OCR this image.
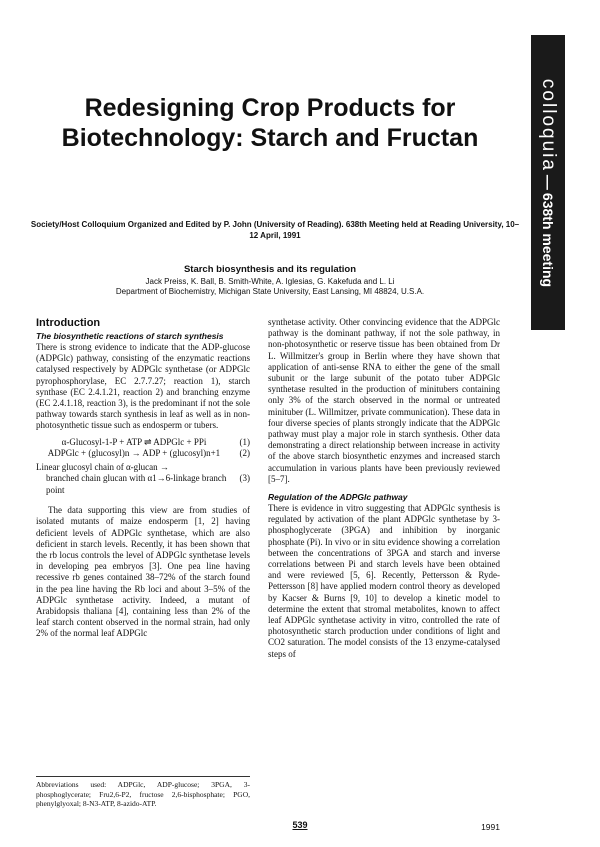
colloquia—638th meeting
Redesigning Crop Products for Biotechnology: Starch and Fructan

Society/Host Colloquium Organized and Edited by P. John (University of Reading). 638th Meeting held at Reading University, 10–12 April, 1991

Starch biosynthesis and its regulation

Jack Preiss, K. Ball, B. Smith-White, A. Iglesias, G. Kakefuda and L. Li

Department of Biochemistry, Michigan State University, East Lansing, MI 48824, U.S.A.

Introduction
The biosynthetic reactions of starch synthesis

There is strong evidence to indicate that the ADP-glucose (ADPGlc) pathway, consisting of the enzymatic reactions catalysed respectively by ADPGlc synthetase (or ADPGlc pyrophosphorylase, EC 2.7.7.27; reaction 1), starch synthase (EC 2.4.1.21, reaction 2) and branching enzyme (EC 2.4.1.18, reaction 3), is the predominant if not the sole pathway towards starch synthesis in leaf as well as in non-photosynthetic tissue such as endosperm or tubers.

α-Glucosyl-1-P + ATP ⇌ ADPGlc + PPi	(1)
ADPGlc + (glucosyl)n → ADP + (glucosyl)n+1	(2)
Linear glucosyl chain of α-glucan →
branched chain glucan with α1→6-linkage branch point
(3)

The data supporting this view are from studies of isolated mutants of maize endosperm [1, 2] having deficient levels of ADPGlc synthetase, which are also deficient in starch levels. Recently, it has been shown that the rb locus controls the level of ADPGlc synthetase levels in developing pea embryos [3]. One pea line having recessive rb genes contained 38–72% of the starch found in the pea line having the Rb loci and about 3–5% of the ADPGlc synthetase activity. Indeed, a mutant of Arabidopsis thaliana [4], containing less than 2% of the leaf starch content observed in the normal strain, had only 2% of the normal leaf ADPGlc

synthetase activity. Other convincing evidence that the ADPGlc pathway is the dominant pathway, if not the sole pathway, in non-photosynthetic or reserve tissue has been obtained from Dr L. Willmitzer's group in Berlin where they have shown that application of anti-sense RNA to either the gene of the small subunit or the large subunit of the potato tuber ADPGlc synthetase resulted in the production of minitubers containing only 3% of the starch observed in the normal or untreated minituber (L. Willmitzer, private communication). These data in four diverse species of plants strongly indicate that the ADPGlc pathway must play a major role in starch synthesis. Other data demonstrating a direct relationship between increase in activity of the above starch biosynthetic enzymes and increased starch accumulation in various plants have been previously reviewed [5–7].

Regulation of the ADPGlc pathway

There is evidence in vitro suggesting that ADPGlc synthesis is regulated by activation of the plant ADPGlc synthetase by 3-phosphoglycerate (3PGA) and inhibition by inorganic phosphate (Pi). In vivo or in situ evidence showing a correlation between the concentrations of 3PGA and starch and inverse correlations between Pi and starch levels have been obtained and were reviewed [5, 6]. Recently, Pettersson & Ryde-Pettersson [8] have applied modern control theory as developed by Kacser & Burns [9, 10] to develop a kinetic model to determine the extent that stromal metabolites, known to affect leaf ADPGlc synthetase activity in vitro, controlled the rate of photosynthetic starch production under conditions of light and CO2 saturation. The model consists of the 13 enzyme-catalysed steps of

Abbreviations used: ADPGlc, ADP-glucose; 3PGA, 3-phosphoglycerate; Fru2,6-P2, fructose 2,6-bisphosphate; PGO, phenylglyoxal; 8-N3-ATP, 8-azido-ATP.

539	1991
